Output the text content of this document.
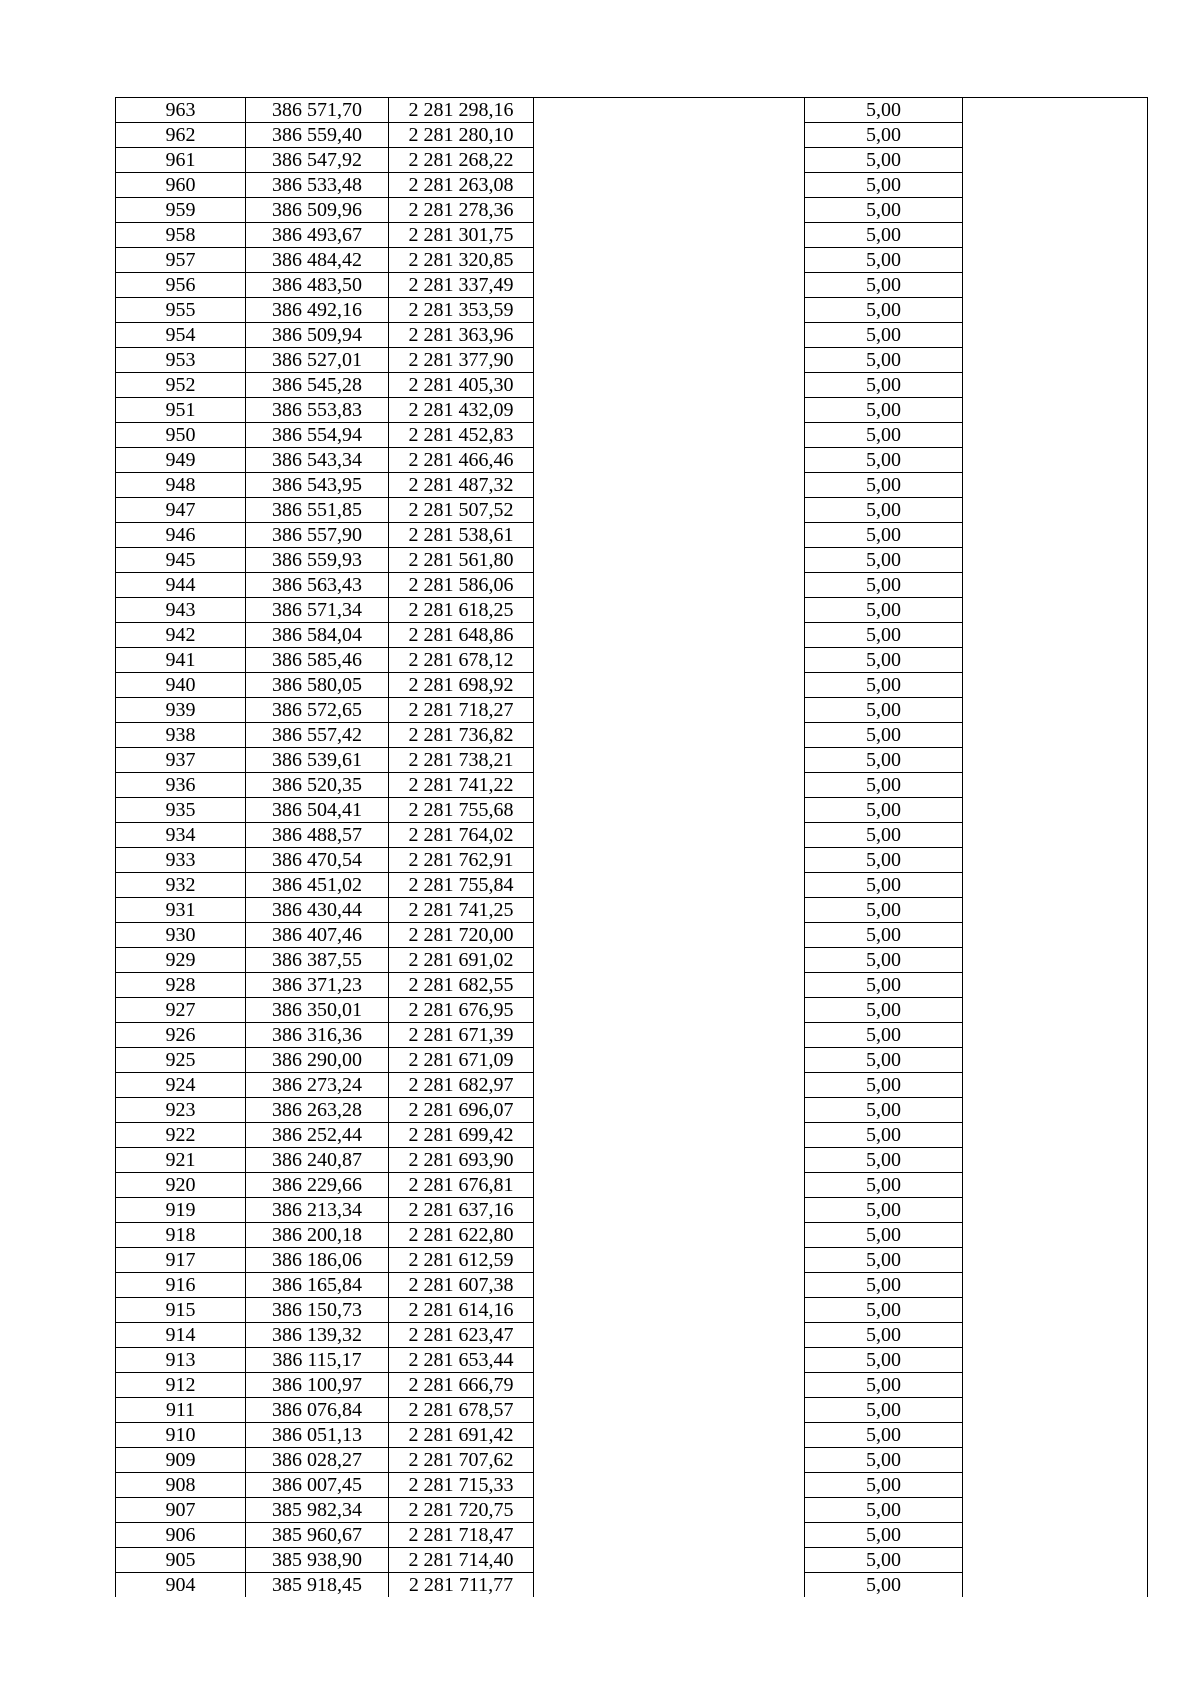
963	386 571,70	2 281 298,16		5,00	
962	386 559,40	2 281 280,10		5,00	
961	386 547,92	2 281 268,22		5,00	
960	386 533,48	2 281 263,08		5,00	
959	386 509,96	2 281 278,36		5,00	
958	386 493,67	2 281 301,75		5,00	
957	386 484,42	2 281 320,85		5,00	
956	386 483,50	2 281 337,49		5,00	
955	386 492,16	2 281 353,59		5,00	
954	386 509,94	2 281 363,96		5,00	
953	386 527,01	2 281 377,90		5,00	
952	386 545,28	2 281 405,30		5,00	
951	386 553,83	2 281 432,09		5,00	
950	386 554,94	2 281 452,83		5,00	
949	386 543,34	2 281 466,46		5,00	
948	386 543,95	2 281 487,32		5,00	
947	386 551,85	2 281 507,52		5,00	
946	386 557,90	2 281 538,61		5,00	
945	386 559,93	2 281 561,80		5,00	
944	386 563,43	2 281 586,06		5,00	
943	386 571,34	2 281 618,25		5,00	
942	386 584,04	2 281 648,86		5,00	
941	386 585,46	2 281 678,12		5,00	
940	386 580,05	2 281 698,92		5,00	
939	386 572,65	2 281 718,27		5,00	
938	386 557,42	2 281 736,82		5,00	
937	386 539,61	2 281 738,21		5,00	
936	386 520,35	2 281 741,22		5,00	
935	386 504,41	2 281 755,68		5,00	
934	386 488,57	2 281 764,02		5,00	
933	386 470,54	2 281 762,91		5,00	
932	386 451,02	2 281 755,84		5,00	
931	386 430,44	2 281 741,25		5,00	
930	386 407,46	2 281 720,00		5,00	
929	386 387,55	2 281 691,02		5,00	
928	386 371,23	2 281 682,55		5,00	
927	386 350,01	2 281 676,95		5,00	
926	386 316,36	2 281 671,39		5,00	
925	386 290,00	2 281 671,09		5,00	
924	386 273,24	2 281 682,97		5,00	
923	386 263,28	2 281 696,07		5,00	
922	386 252,44	2 281 699,42		5,00	
921	386 240,87	2 281 693,90		5,00	
920	386 229,66	2 281 676,81		5,00	
919	386 213,34	2 281 637,16		5,00	
918	386 200,18	2 281 622,80		5,00	
917	386 186,06	2 281 612,59		5,00	
916	386 165,84	2 281 607,38		5,00	
915	386 150,73	2 281 614,16		5,00	
914	386 139,32	2 281 623,47		5,00	
913	386 115,17	2 281 653,44		5,00	
912	386 100,97	2 281 666,79		5,00	
911	386 076,84	2 281 678,57		5,00	
910	386 051,13	2 281 691,42		5,00	
909	386 028,27	2 281 707,62		5,00	
908	386 007,45	2 281 715,33		5,00	
907	385 982,34	2 281 720,75		5,00	
906	385 960,67	2 281 718,47		5,00	
905	385 938,90	2 281 714,40		5,00	
904	385 918,45	2 281 711,77		5,00	
